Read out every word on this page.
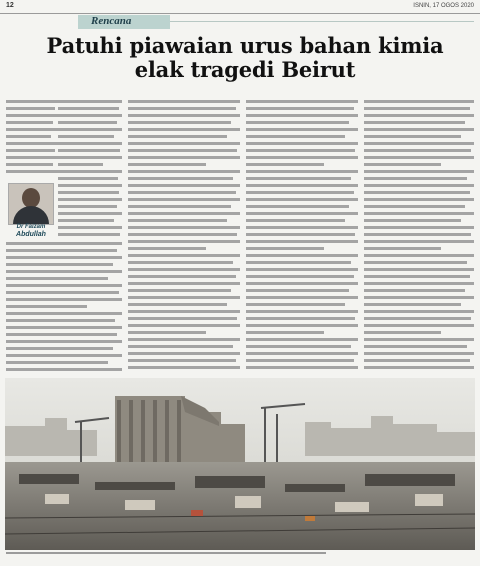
12	ISNIN, 17 OGOS 2020
Rencana
Patuhi piawaian urus bahan kimia elak tragedi Beirut
Dr Faizam
Abdullah
